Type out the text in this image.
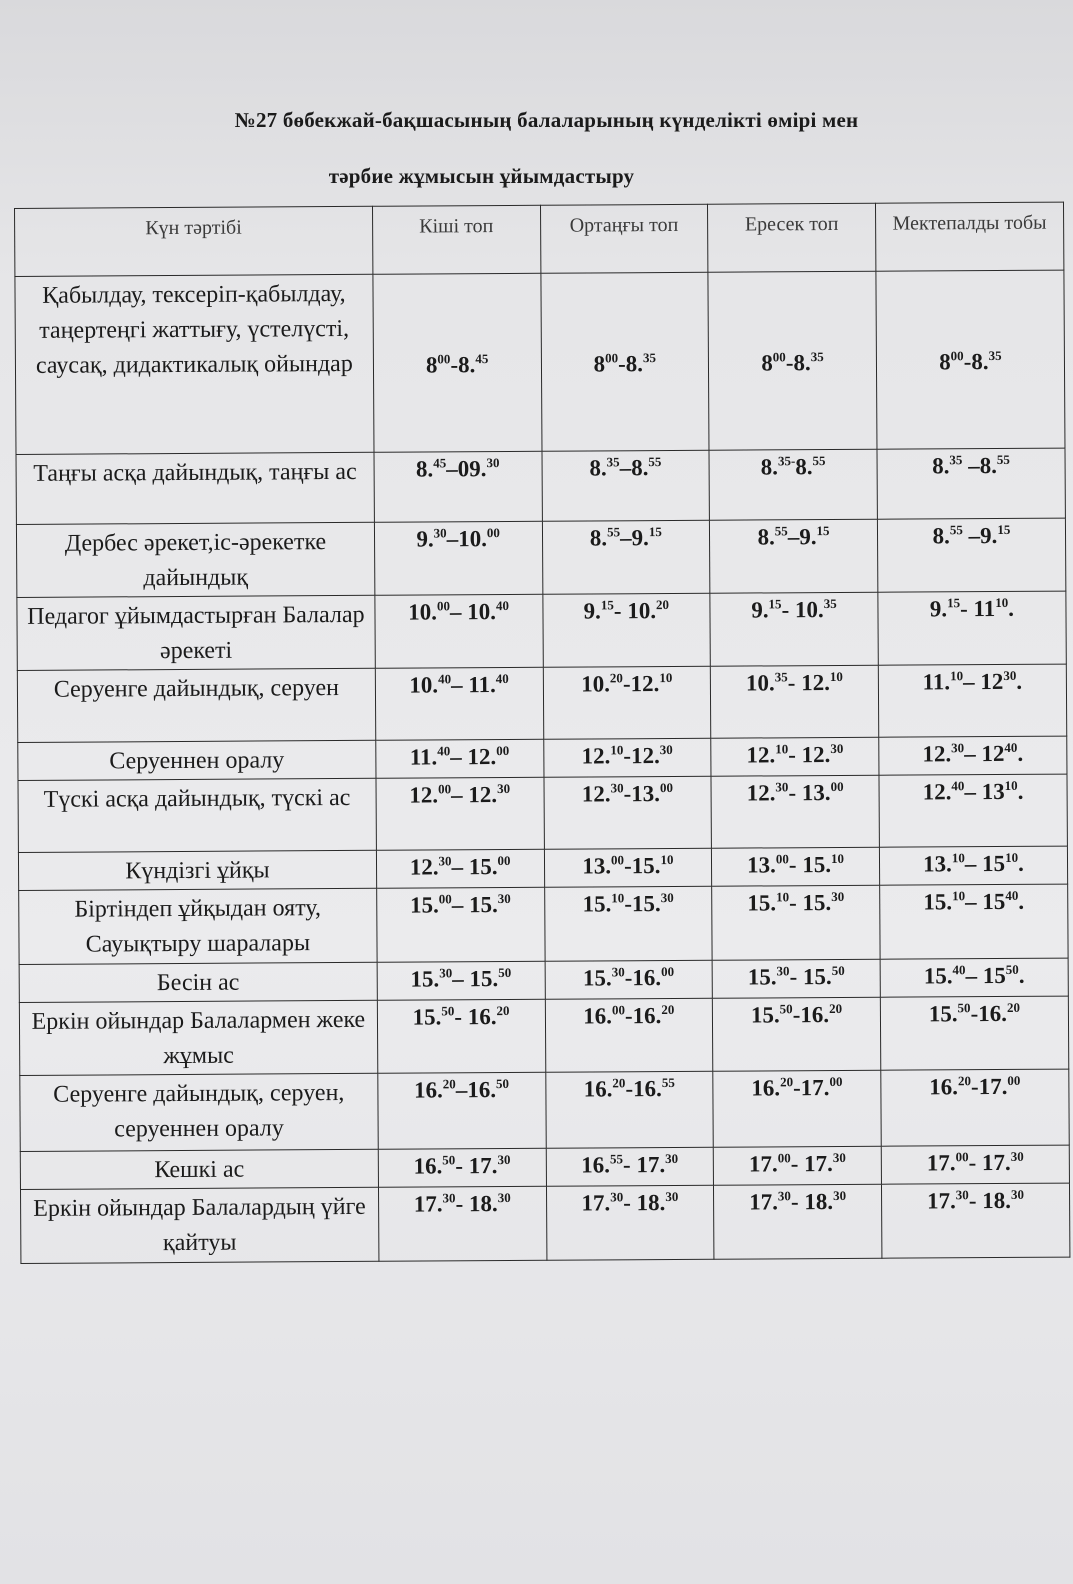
№27 бөбекжай-бақшасының балаларының күнделікті өмірі мен
тәрбие жұмысын ұйымдастыру
Күн тәртібі	Кіші топ	Ортаңғы топ	Ересек топ	Мектепалды тобы
Қабылдау, тексеріп-қабылдау, таңертеңгі жаттығу, үстелүсті, саусақ, дидактикалық ойындар	$8^{00}-8.45$	$8^{00}-8.35$	$8^{00}-8.35$	$8^{00}-8.35$
Таңғы асқа дайындық, таңғы ас	8.45–09.30	8.35–8.55	8.$^{35-}$8.55	8.35 –8.55
Дербес әрекет,іс-әрекетке дайындық	9.30–10.00	8.55–9.15	8.55–9.15	8.55 –9.15
Педагог ұйымдастырған Балалар әрекеті	10.00– 10.40	9.15- 10.20	9.15- 10.35	9.15- $11^{10}$.
Серуенге дайындық, серуен	10.40– 11.40	10.20-12.10	10.35- 12.10	11.10– $12^{30}$.
Серуеннен оралу	11.40– 12.00	12.10-12.30	12.10- 12.30	12.30– $12^{40}$.
Түскі асқа дайындық, түскі ас	12.00– 12.30	12.30-13.00	12.30- 13.00	12.40– $13^{10}$.
Күндізгі ұйқы	12.30– 15.00	13.00-15.10	13.00- 15.10	13.10– $15^{10}$.
Біртіндеп ұйқыдан ояту, Сауықтыру шаралары	15.00– 15.30	15.10-15.30	15.10- 15.30	15.10– $15^{40}$.
Бесін ас	15.30– 15.50	15.30-16.00	15.30- 15.50	15.40– $15^{50}$.
Еркін ойындар Балалармен жеке жұмыс	15.50- 16.20	16.00-16.20	15.50-16.20	15.50-16.20
Серуенге дайындық, серуен, серуеннен оралу	16.20–16.50	16.20-16.55	16.20-17.00	16.20-17.00
Кешкі ас	16.50- 17.30	16.55- 17.30	17.00- 17.30	17.00- 17.30
Еркін ойындар Балалардың үйге қайтуы	17.30- 18.30	17.30- 18.30	17.30- 18.30	17.30- 18.30
